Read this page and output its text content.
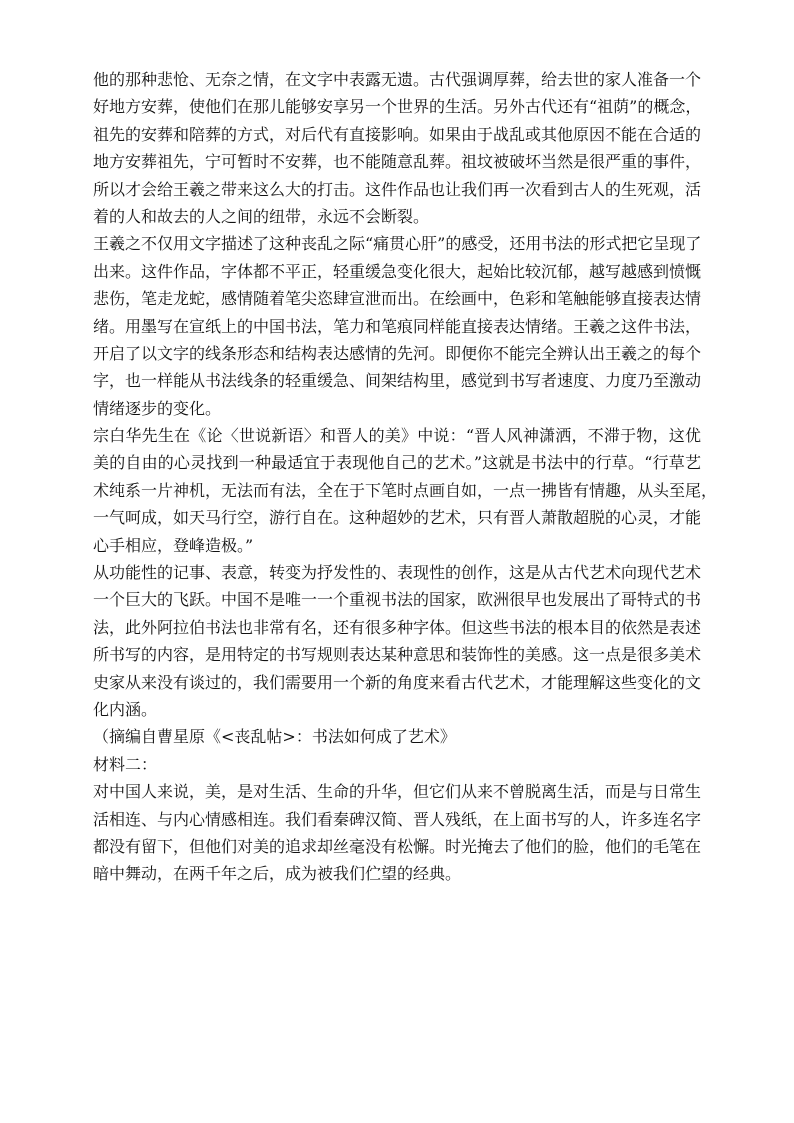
他的那种悲怆、无奈之情，在文字中表露无遗。古代强调厚葬，给去世的家人准备一个
好地方安葬，使他们在那儿能够安享另一个世界的生活。另外古代还有“祖荫”的概念，
祖先的安葬和陪葬的方式，对后代有直接影响。如果由于战乱或其他原因不能在合适的
地方安葬祖先，宁可暂时不安葬，也不能随意乱葬。祖坟被破坏当然是很严重的事件，
所以才会给王羲之带来这么大的打击。这件作品也让我们再一次看到古人的生死观，活
着的人和故去的人之间的纽带，永远不会断裂。
王羲之不仅用文字描述了这种丧乱之际“痛贯心肝”的感受，还用书法的形式把它呈现了
出来。这件作品，字体都不平正，轻重缓急变化很大，起始比较沉郁，越写越感到愤慨
悲伤，笔走龙蛇，感情随着笔尖恣肆宣泄而出。在绘画中，色彩和笔触能够直接表达情
绪。用墨写在宣纸上的中国书法，笔力和笔痕同样能直接表达情绪。王羲之这件书法，
开启了以文字的线条形态和结构表达感情的先河。即便你不能完全辨认出王羲之的每个
字，也一样能从书法线条的轻重缓急、间架结构里，感觉到书写者速度、力度乃至激动
情绪逐步的变化。
宗白华先生在《论〈世说新语〉和晋人的美》中说：“晋人风神潇洒，不滞于物，这优
美的自由的心灵找到一种最适宜于表现他自己的艺术。”这就是书法中的行草。“行草艺
术纯系一片神机，无法而有法，全在于下笔时点画自如，一点一拂皆有情趣，从头至尾，
一气呵成，如天马行空，游行自在。这种超妙的艺术，只有晋人萧散超脱的心灵，才能
心手相应，登峰造极。”
从功能性的记事、表意，转变为抒发性的、表现性的创作，这是从古代艺术向现代艺术
一个巨大的飞跃。中国不是唯一一个重视书法的国家，欧洲很早也发展出了哥特式的书
法，此外阿拉伯书法也非常有名，还有很多种字体。但这些书法的根本目的依然是表述
所书写的内容，是用特定的书写规则表达某种意思和装饰性的美感。这一点是很多美术
史家从来没有谈过的，我们需要用一个新的角度来看古代艺术，才能理解这些变化的文
化内涵。
（摘编自曹星原《<丧乱帖>：书法如何成了艺术》
材料二：
对中国人来说，美，是对生活、生命的升华，但它们从来不曾脱离生活，而是与日常生
活相连、与内心情感相连。我们看秦碑汉简、晋人残纸，在上面书写的人，许多连名字
都没有留下，但他们对美的追求却丝毫没有松懈。时光掩去了他们的脸，他们的毛笔在
暗中舞动，在两千年之后，成为被我们伫望的经典。
